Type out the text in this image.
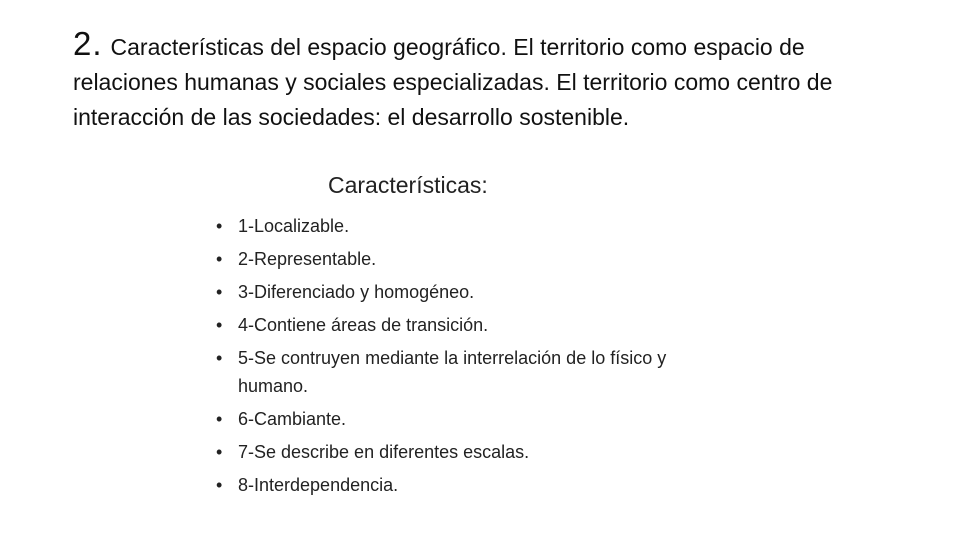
2. Características del espacio geográfico. El territorio como espacio de relaciones humanas y sociales especializadas. El territorio como centro de interacción de las sociedades: el desarrollo sostenible.
Características:
• 1-Localizable.
• 2-Representable.
• 3-Diferenciado y homogéneo.
• 4-Contiene áreas de transición.
• 5-Se contruyen mediante la interrelación de lo físico y humano.
• 6-Cambiante.
• 7-Se describe en diferentes escalas.
• 8-Interdependencia.
